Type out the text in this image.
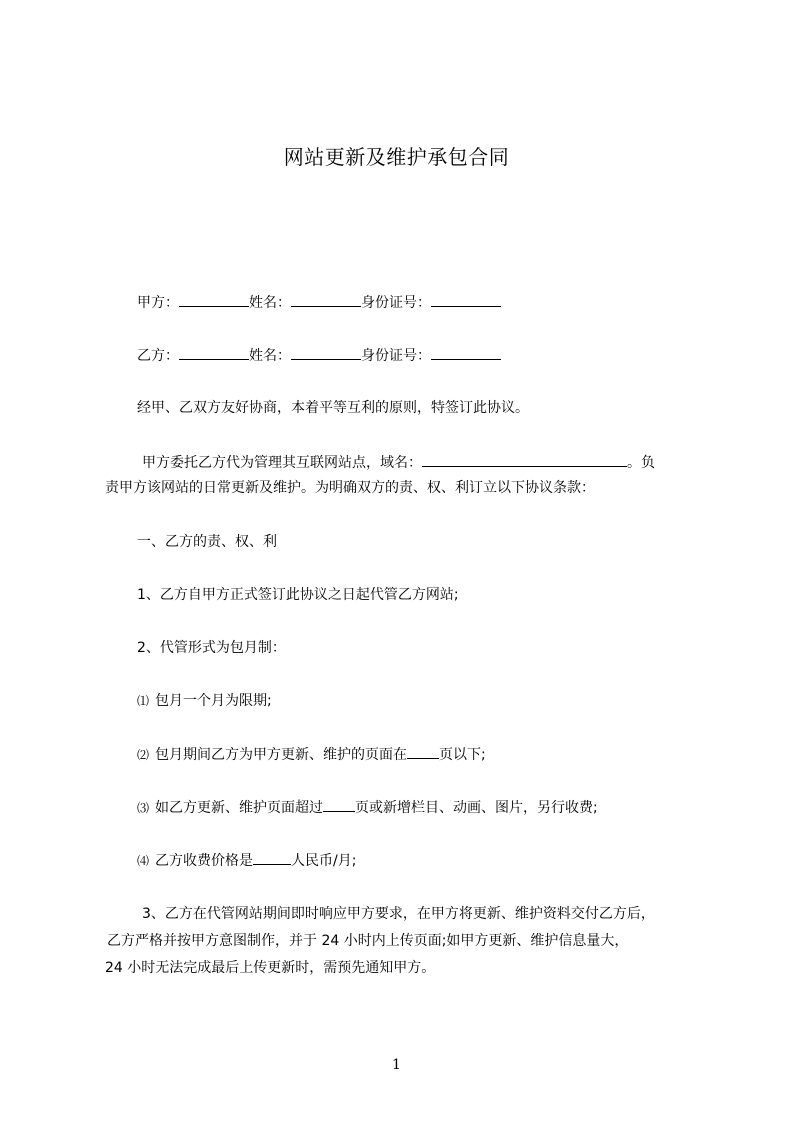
网站更新及维护承包合同
甲方：	姓名：	身份证号：
乙方：	姓名：	身份证号：
经甲、乙双方友好协商，本着平等互利的原则，特签订此协议。
甲方委托乙方代为管理其互联网站点，域名：	。负
责甲方该网站的日常更新及维护。为明确双方的责、权、利订立以下协议条款：
一、乙方的责、权、利
1、乙方自甲方正式签订此协议之日起代管乙方网站;
2、代管形式为包月制：
⑴ 包月一个月为限期;
⑵ 包月期间乙方为甲方更新、维护的页面在 页以下;
⑶ 如乙方更新、维护页面超过 页或新增栏目、动画、图片，另行收费;
⑷ 乙方收费价格是	人民币/月;
3、乙方在代管网站期间即时响应甲方要求，在甲方将更新、维护资料交付乙方后，
乙方严格并按甲方意图制作，并于 24 小时内上传页面;如甲方更新、维护信息量大，
24 小时无法完成最后上传更新时，需预先通知甲方。
1
